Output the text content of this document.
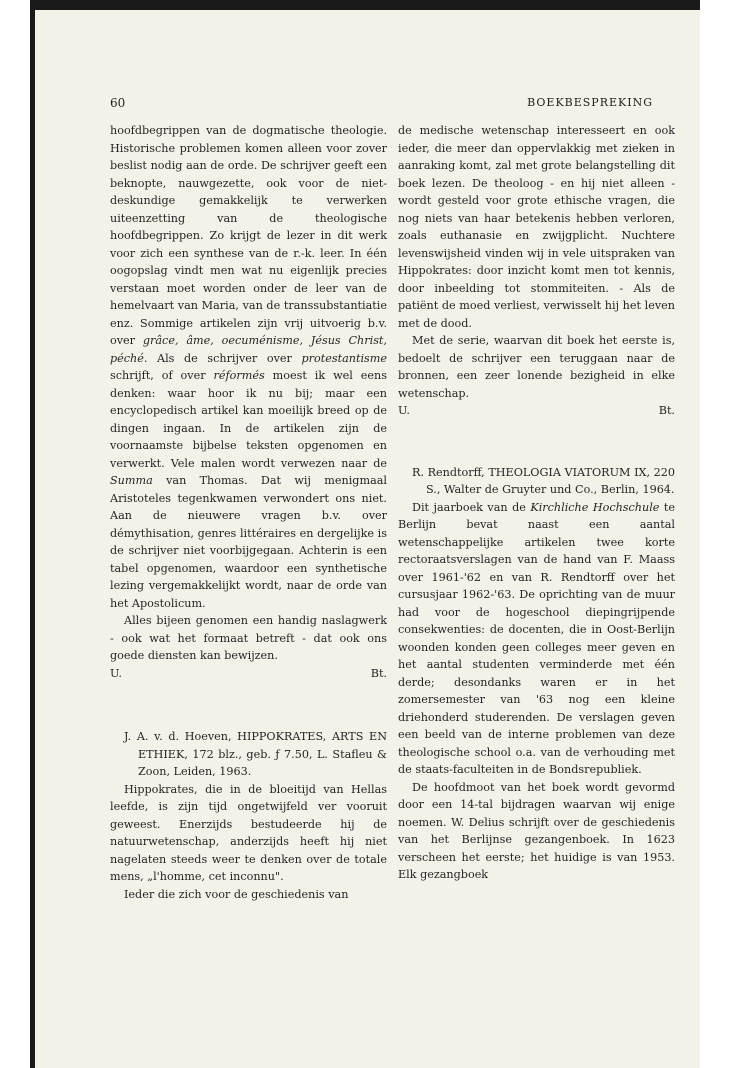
60	BOEKBESPREKING

hoofdbegrippen van de dogmatische theologie. Historische problemen komen alleen voor zover beslist nodig aan de orde. De schrijver geeft een beknopte, nauwgezette, ook voor de niet-deskundige gemakkelijk te verwerken uiteenzetting van de theologische hoofdbegrippen. Zo krijgt de lezer in dit werk voor zich een synthese van de r.-k. leer. In één oogopslag vindt men wat nu eigenlijk precies verstaan moet worden onder de leer van de hemelvaart van Maria, van de transsubstantiatie enz. Sommige artikelen zijn vrij uitvoerig b.v. over grâce, âme, oecuménisme, Jésus Christ, péché. Als de schrijver over protestantisme schrijft, of over réformés moest ik wel eens denken: waar hoor ik nu bij; maar een encyclopedisch artikel kan moeilijk breed op de dingen ingaan. In de artikelen zijn de voornaamste bijbelse teksten opgenomen en verwerkt. Vele malen wordt verwezen naar de Summa van Thomas. Dat wij menigmaal Aristoteles tegenkwamen verwondert ons niet. Aan de nieuwere vragen b.v. over démythisation, genres littéraires en dergelijke is de schrijver niet voorbijgegaan. Achterin is een tabel opgenomen, waardoor een synthetische lezing vergemakkelijkt wordt, naar de orde van het Apostolicum.

Alles bijeen genomen een handig naslagwerk - ook wat het formaat betreft - dat ook ons goede diensten kan bewijzen.

U.	Bt.

J. A. v. d. Hoeven, HIPPOKRATES, ARTS EN ETHIEK, 172 blz., geb. ƒ 7.50, L. Stafleu & Zoon, Leiden, 1963.

Hippokrates, die in de bloeitijd van Hellas leefde, is zijn tijd ongetwijfeld ver vooruit geweest. Enerzijds bestudeerde hij de natuurwetenschap, anderzijds heeft hij niet nagelaten steeds weer te denken over de totale mens, „l'homme, cet inconnu".

Ieder die zich voor de geschiedenis van

de medische wetenschap interesseert en ook ieder, die meer dan oppervlakkig met zieken in aanraking komt, zal met grote belangstelling dit boek lezen. De theoloog - en hij niet alleen - wordt gesteld voor grote ethische vragen, die nog niets van haar betekenis hebben verloren, zoals euthanasie en zwijgplicht. Nuchtere levenswijsheid vinden wij in vele uitspraken van Hippokrates: door inzicht komt men tot kennis, door inbeelding tot stommiteiten. - Als de patiënt de moed verliest, verwisselt hij het leven met de dood.

Met de serie, waarvan dit boek het eerste is, bedoelt de schrijver een teruggaan naar de bronnen, een zeer lonende bezigheid in elke wetenschap.

U.	Bt.

R. Rendtorff, THEOLOGIA VIATORUM IX, 220 S., Walter de Gruyter und Co., Berlin, 1964.

Dit jaarboek van de Kirchliche Hochschule te Berlijn bevat naast een aantal wetenschappelijke artikelen twee korte rectoraatsverslagen van de hand van F. Maass over 1961-'62 en van R. Rendtorff over het cursusjaar 1962-'63. De oprichting van de muur had voor de hogeschool diepingrijpende consekwenties: de docenten, die in Oost-Berlijn woonden konden geen colleges meer geven en het aantal studenten verminderde met één derde; desondanks waren er in het zomersemester van '63 nog een kleine driehonderd studerenden. De verslagen geven een beeld van de interne problemen van deze theologische school o.a. van de verhouding met de staats-faculteiten in de Bondsrepubliek.

De hoofdmoot van het boek wordt gevormd door een 14-tal bijdragen waarvan wij enige noemen. W. Delius schrijft over de geschiedenis van het Berlijnse gezangenboek. In 1623 verscheen het eerste; het huidige is van 1953. Elk gezangboek
